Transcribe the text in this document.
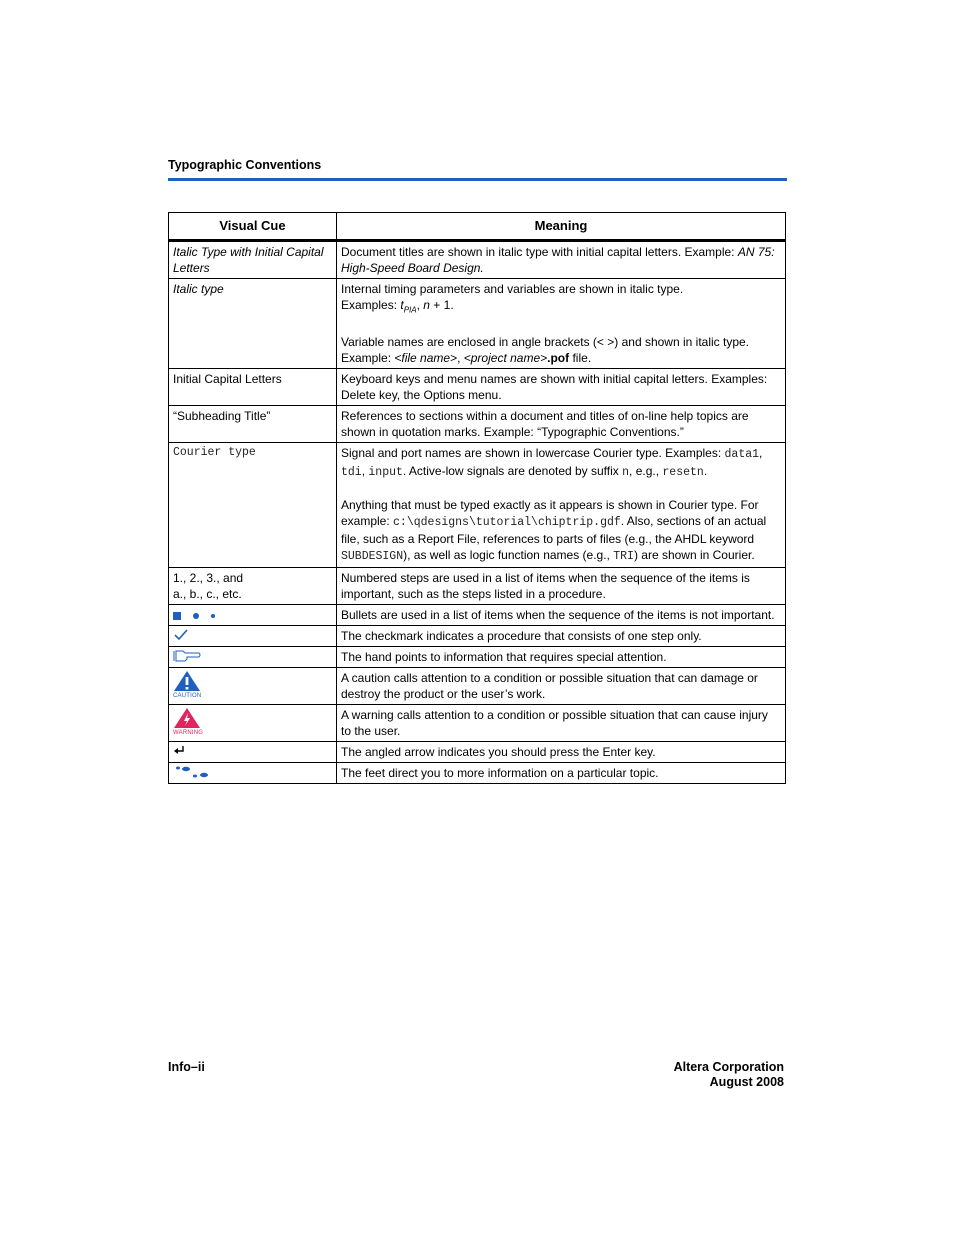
Typographic Conventions
Visual Cue	Meaning
Italic Type with Initial Capital Letters	Document titles are shown in italic type with initial capital letters. Example: AN 75: High-Speed Board Design.
Italic type	Internal timing parameters and variables are shown in italic type.
Examples: $t_{PIA}$, n + 1.
Variable names are enclosed in angle brackets (< >) and shown in italic type.
Example: <file name>, <project name>.pof file.

Initial Capital Letters	Keyboard keys and menu names are shown with initial capital letters. Examples: Delete key, the Options menu.
“Subheading Title”	References to sections within a document and titles of on-line help topics are shown in quotation marks. Example: “Typographic Conventions.”
Courier type	Signal and port names are shown in lowercase Courier type. Examples: data1, tdi, input. Active-low signals are denoted by suffix n, e.g., resetn.
Anything that must be typed exactly as it appears is shown in Courier type. For example: c:\qdesigns\tutorial\chiptrip.gdf. Also, sections of an actual file, such as a Report File, references to parts of files (e.g., the AHDL keyword SUBDESIGN), as well as logic function names (e.g., TRI) are shown in Courier.

1., 2., 3., and
a., b., c., etc.	Numbered steps are used in a list of items when the sequence of the items is important, such as the steps listed in a procedure.
	Bullets are used in a list of items when the sequence of the items is not important.

	The checkmark indicates a procedure that consists of one step only.

	The hand points to information that requires special attention.

CAUTION	A caution calls attention to a condition or possible situation that can damage or destroy the product or the user’s work.

WARNING	A warning calls attention to a condition or possible situation that can cause injury to the user.

	The angled arrow indicates you should press the Enter key.

	The feet direct you to more information on a particular topic.
Info–ii	Altera Corporation
August 2008
